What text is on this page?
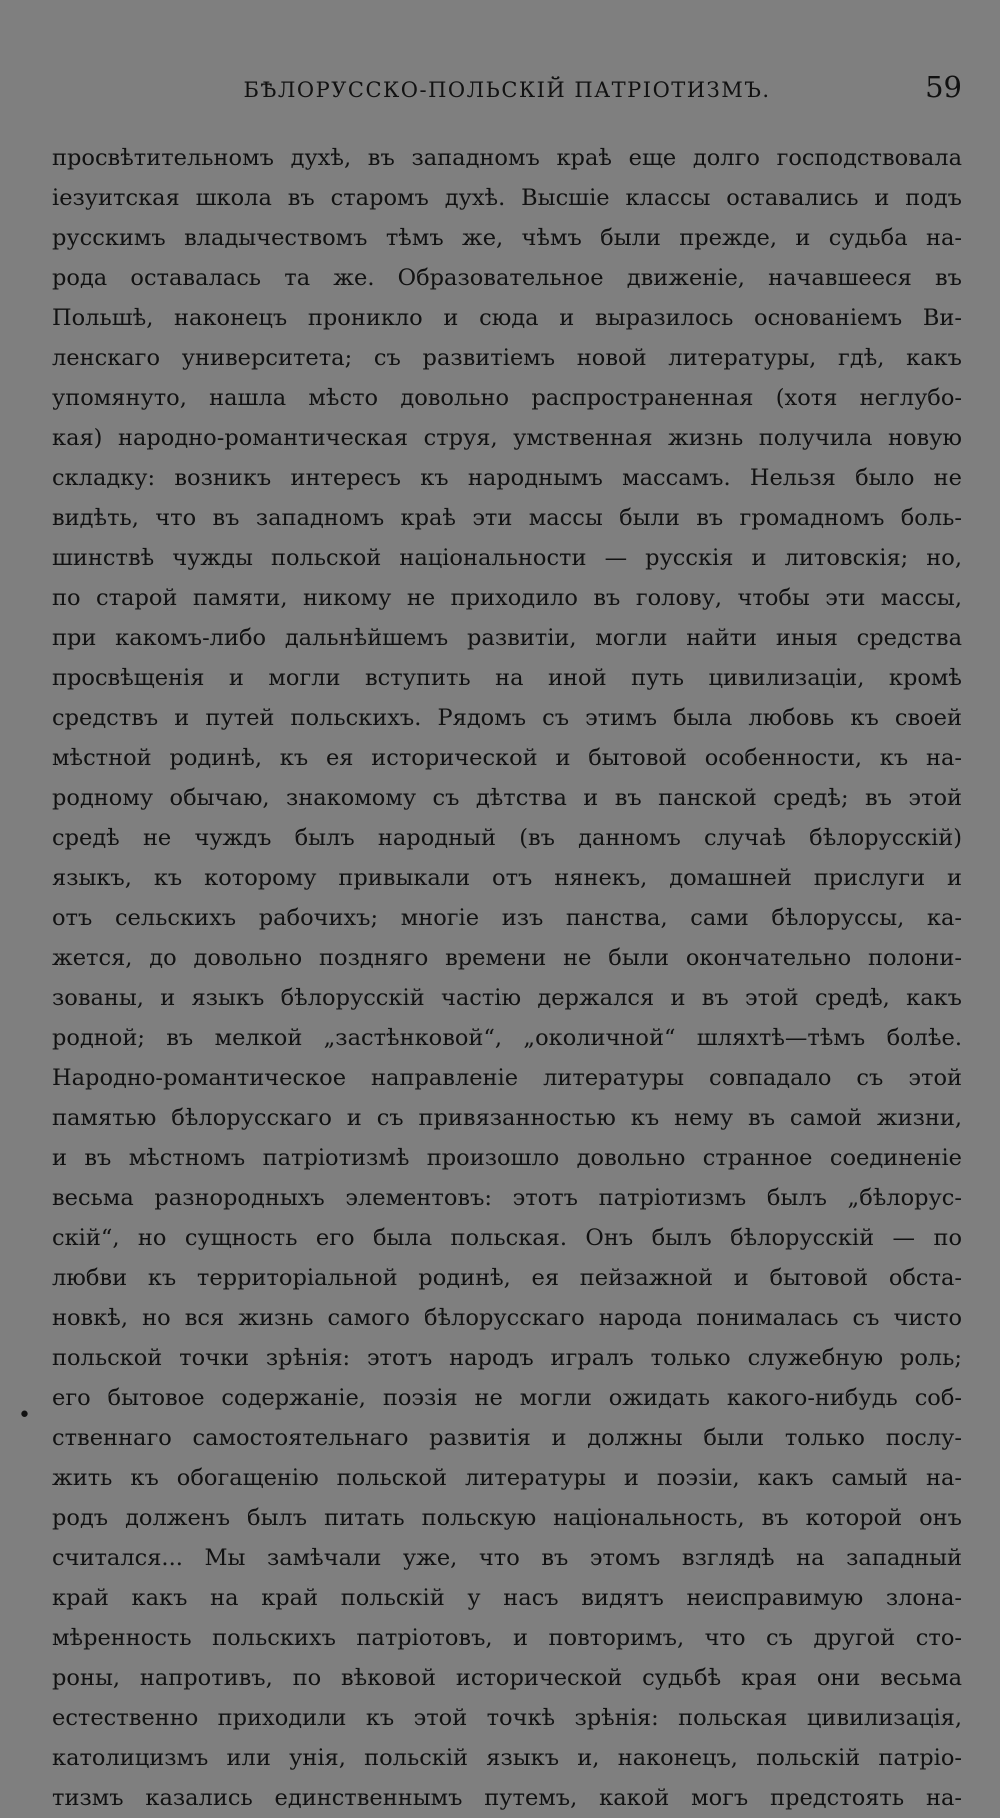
БѢЛОРУССКО-ПОЛЬСКІЙ ПАТРІОТИЗМЪ.	59
просвѣтительномъ духѣ, въ западномъ краѣ еще долго господствовала
іезуитская школа въ старомъ духѣ. Высшіе классы оставались и подъ
русскимъ владычествомъ тѣмъ же, чѣмъ были прежде, и судьба на-
рода оставалась та же. Образовательное движеніе, начавшееся въ
Польшѣ, наконецъ проникло и сюда и выразилось основаніемъ Ви-
ленскаго университета; съ развитіемъ новой литературы, гдѣ, какъ
упомянуто, нашла мѣсто довольно распространенная (хотя неглубо-
кая) народно-романтическая струя, умственная жизнь получила новую
складку: возникъ интересъ къ народнымъ массамъ. Нельзя было не
видѣть, что въ западномъ краѣ эти массы были въ громадномъ боль-
шинствѣ чужды польской національности — русскія и литовскія; но,
по старой памяти, никому не приходило въ голову, чтобы эти массы,
при какомъ-либо дальнѣйшемъ развитіи, могли найти иныя средства
просвѣщенія и могли вступить на иной путь цивилизаціи, кромѣ
средствъ и путей польскихъ. Рядомъ съ этимъ была любовь къ своей
мѣстной родинѣ, къ ея исторической и бытовой особенности, къ на-
родному обычаю, знакомому съ дѣтства и въ панской средѣ; въ этой
средѣ не чуждъ былъ народный (въ данномъ случаѣ бѣлорусскій)
языкъ, къ которому привыкали отъ нянекъ, домашней прислуги и
отъ сельскихъ рабочихъ; многіе изъ панства, сами бѣлоруссы, ка-
жется, до довольно поздняго времени не были окончательно полони-
зованы, и языкъ бѣлорусскій частію держался и въ этой средѣ, какъ
родной; въ мелкой „застѣнковой“, „околичной“ шляхтѣ—тѣмъ болѣе.
Народно-романтическое направленіе литературы совпадало съ этой
памятью бѣлорусскаго и съ привязанностью къ нему въ самой жизни,
и въ мѣстномъ патріотизмѣ произошло довольно странное соединеніе
весьма разнородныхъ элементовъ: этотъ патріотизмъ былъ „бѣлорус-
скій“, но сущность его была польская. Онъ былъ бѣлорусскій — по
любви къ территоріальной родинѣ, ея пейзажной и бытовой обста-
новкѣ, но вся жизнь самого бѣлорусскаго народа понималась съ чисто
польской точки зрѣнія: этотъ народъ игралъ только служебную роль;
его бытовое содержаніе, поэзія не могли ожидать какого-нибудь соб-
ственнаго самостоятельнаго развитія и должны были только послу-
жить къ обогащенію польской литературы и поэзіи, какъ самый на-
родъ долженъ былъ питать польскую національность, въ которой онъ
считался... Мы замѣчали уже, что въ этомъ взглядѣ на западный
край какъ на край польскій у насъ видятъ неисправимую злона-
мѣренность польскихъ патріотовъ, и повторимъ, что съ другой сто-
роны, напротивъ, по вѣковой исторической судьбѣ края они весьма
естественно приходили къ этой точкѣ зрѣнія: польская цивилизація,
католицизмъ или унія, польскій языкъ и, наконецъ, польскій патріо-
тизмъ казались единственнымъ путемъ, какой могъ предстоять на-
•
